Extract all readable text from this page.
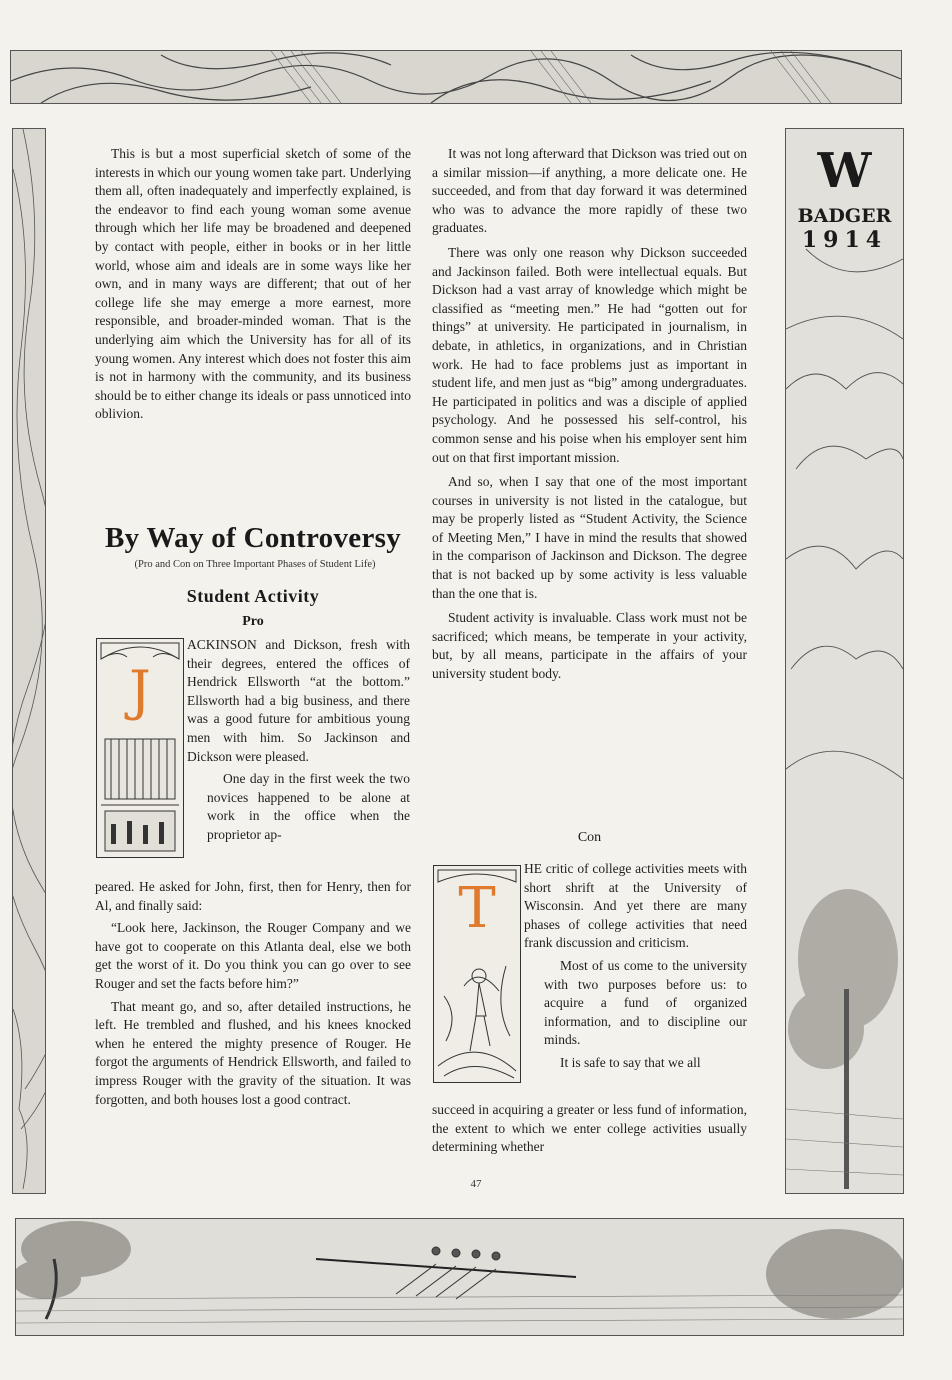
W
BADGER
1914

This is but a most superficial sketch of some of the interests in which our young women take part. Underlying them all, often inadequately and imperfectly explained, is the endeavor to find each young woman some avenue through which her life may be broadened and deepened by contact with people, either in books or in her little world, whose aim and ideals are in some ways like her own, and in many ways are different; that out of her college life she may emerge a more earnest, more responsible, and broader-minded woman. That is the underlying aim which the University has for all of its young women. Any interest which does not foster this aim is not in harmony with the community, and its business should be to either change its ideals or pass unnoticed into oblivion.

By Way of Controversy
(Pro and Con on Three Important Phases of Student Life)
Student Activity
Pro
J

ACKINSON and Dickson, fresh with their degrees, entered the offices of Hendrick Ellsworth “at the bottom.” Ellsworth had a big business, and there was a good future for ambitious young men with him. So Jackinson and Dickson were pleased.

One day in the first week the two novices happened to be alone at work in the office when the proprietor ap-

peared. He asked for John, first, then for Henry, then for Al, and finally said:

“Look here, Jackinson, the Rouger Company and we have got to cooperate on this Atlanta deal, else we both get the worst of it. Do you think you can go over to see Rouger and set the facts before him?”

That meant go, and so, after detailed instructions, he left. He trembled and flushed, and his knees knocked when he entered the mighty presence of Rouger. He forgot the arguments of Hendrick Ellsworth, and failed to impress Rouger with the gravity of the situation. It was forgotten, and both houses lost a good contract.

It was not long afterward that Dickson was tried out on a similar mission—if anything, a more delicate one. He succeeded, and from that day forward it was determined who was to advance the more rapidly of these two graduates.

There was only one reason why Dickson succeeded and Jackinson failed. Both were intellectual equals. But Dickson had a vast array of knowledge which might be classified as “meeting men.” He had “gotten out for things” at university. He participated in journalism, in debate, in athletics, in organizations, and in Christian work. He had to face problems just as important in student life, and men just as “big” among undergraduates. He participated in politics and was a disciple of applied psychology. And he possessed his self-control, his common sense and his poise when his employer sent him out on that first important mission.

And so, when I say that one of the most important courses in university is not listed in the catalogue, but may be properly listed as “Student Activity, the Science of Meeting Men,” I have in mind the results that showed in the comparison of Jackinson and Dickson. The degree that is not backed up by some activity is less valuable than the one that is.

Student activity is invaluable. Class work must not be sacrificed; which means, be temperate in your activity, but, by all means, participate in the affairs of your university student body.

Con
T

HE critic of college activities meets with short shrift at the University of Wisconsin. And yet there are many phases of college activities that need frank discussion and criticism.

Most of us come to the university with two purposes before us: to acquire a fund of organized information, and to discipline our minds.

It is safe to say that we all

succeed in acquiring a greater or less fund of information, the extent to which we enter college activities usually determining whether

47
